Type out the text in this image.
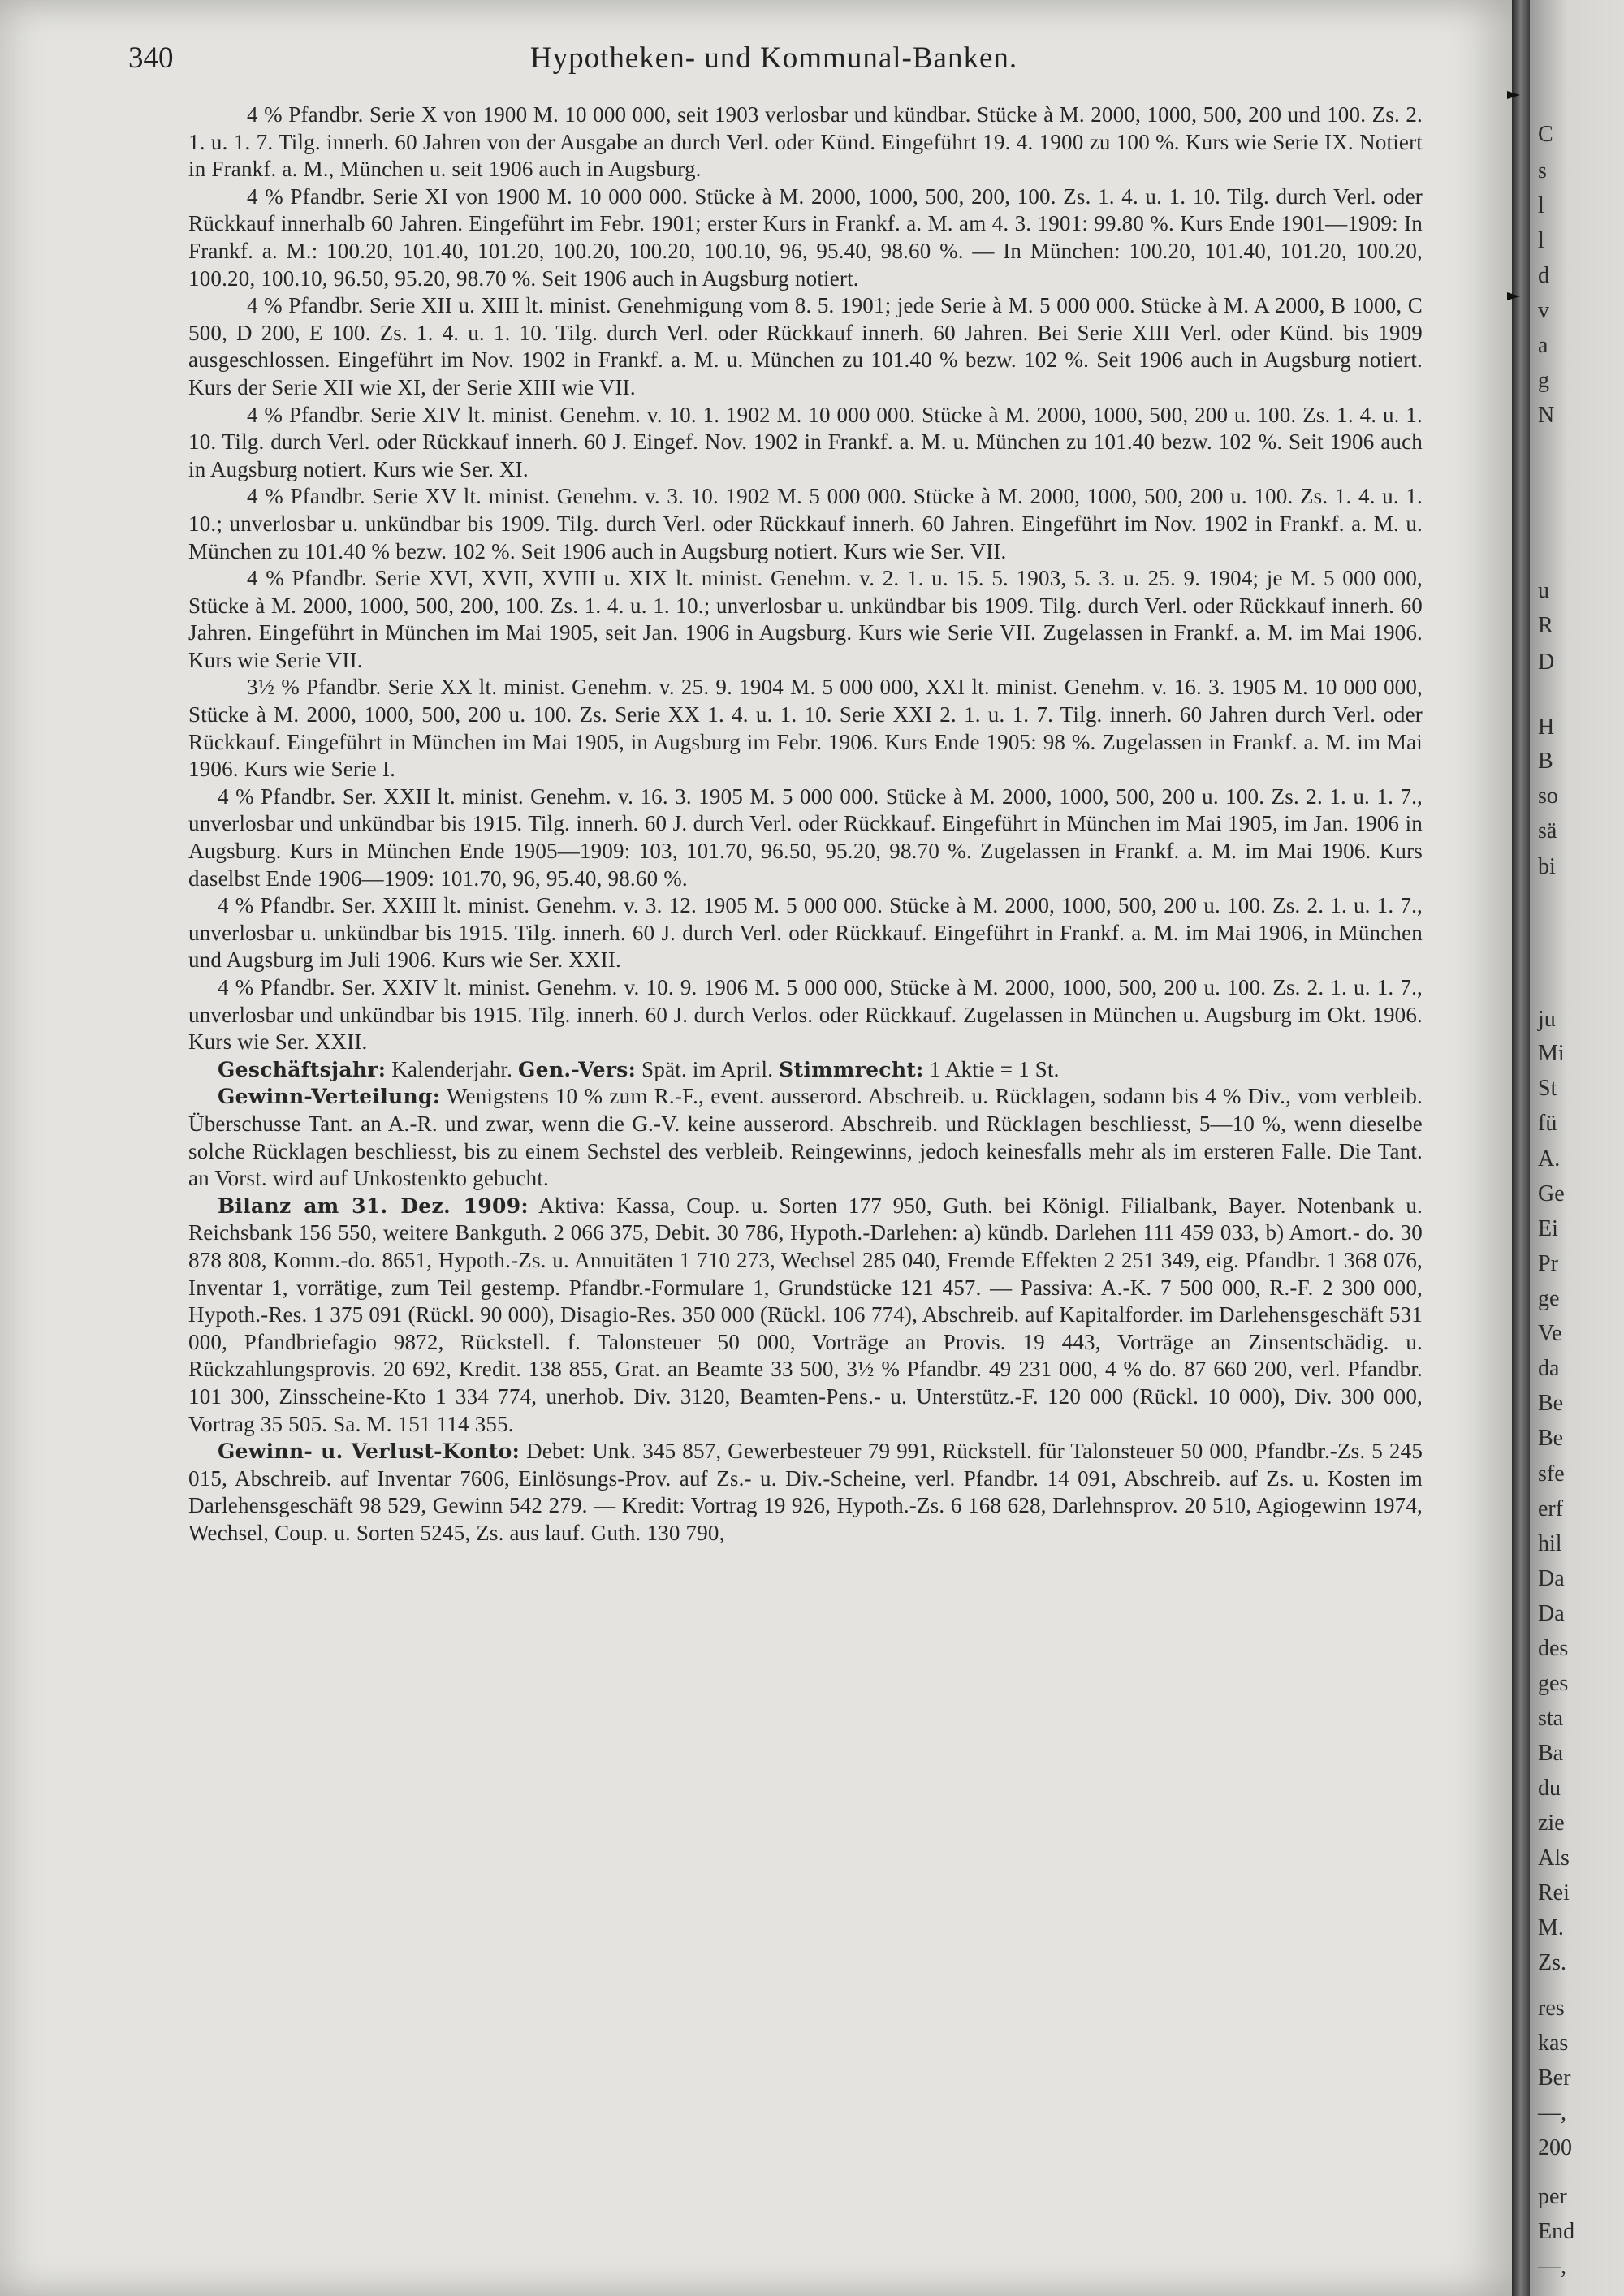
340	Hypotheken- und Kommunal-Banken.

4 % Pfandbr. Serie X von 1900 M. 10 000 000, seit 1903 verlosbar und kündbar. Stücke à M. 2000, 1000, 500, 200 und 100. Zs. 2. 1. u. 1. 7. Tilg. innerh. 60 Jahren von der Ausgabe an durch Verl. oder Künd. Eingeführt 19. 4. 1900 zu 100 %. Kurs wie Serie IX. Notiert in Frankf. a. M., München u. seit 1906 auch in Augsburg.

4 % Pfandbr. Serie XI von 1900 M. 10 000 000. Stücke à M. 2000, 1000, 500, 200, 100. Zs. 1. 4. u. 1. 10. Tilg. durch Verl. oder Rückkauf innerhalb 60 Jahren. Eingeführt im Febr. 1901; erster Kurs in Frankf. a. M. am 4. 3. 1901: 99.80 %. Kurs Ende 1901—1909: In Frankf. a. M.: 100.20, 101.40, 101.20, 100.20, 100.20, 100.10, 96, 95.40, 98.60 %. — In München: 100.20, 101.40, 101.20, 100.20, 100.20, 100.10, 96.50, 95.20, 98.70 %. Seit 1906 auch in Augsburg notiert.

4 % Pfandbr. Serie XII u. XIII lt. minist. Genehmigung vom 8. 5. 1901; jede Serie à M. 5 000 000. Stücke à M. A 2000, B 1000, C 500, D 200, E 100. Zs. 1. 4. u. 1. 10. Tilg. durch Verl. oder Rückkauf innerh. 60 Jahren. Bei Serie XIII Verl. oder Künd. bis 1909 ausgeschlossen. Eingeführt im Nov. 1902 in Frankf. a. M. u. München zu 101.40 % bezw. 102 %. Seit 1906 auch in Augsburg notiert. Kurs der Serie XII wie XI, der Serie XIII wie VII.

4 % Pfandbr. Serie XIV lt. minist. Genehm. v. 10. 1. 1902 M. 10 000 000. Stücke à M. 2000, 1000, 500, 200 u. 100. Zs. 1. 4. u. 1. 10. Tilg. durch Verl. oder Rückkauf innerh. 60 J. Eingef. Nov. 1902 in Frankf. a. M. u. München zu 101.40 bezw. 102 %. Seit 1906 auch in Augsburg notiert. Kurs wie Ser. XI.

4 % Pfandbr. Serie XV lt. minist. Genehm. v. 3. 10. 1902 M. 5 000 000. Stücke à M. 2000, 1000, 500, 200 u. 100. Zs. 1. 4. u. 1. 10.; unverlosbar u. unkündbar bis 1909. Tilg. durch Verl. oder Rückkauf innerh. 60 Jahren. Eingeführt im Nov. 1902 in Frankf. a. M. u. München zu 101.40 % bezw. 102 %. Seit 1906 auch in Augsburg notiert. Kurs wie Ser. VII.

4 % Pfandbr. Serie XVI, XVII, XVIII u. XIX lt. minist. Genehm. v. 2. 1. u. 15. 5. 1903, 5. 3. u. 25. 9. 1904; je M. 5 000 000, Stücke à M. 2000, 1000, 500, 200, 100. Zs. 1. 4. u. 1. 10.; unverlosbar u. unkündbar bis 1909. Tilg. durch Verl. oder Rückkauf innerh. 60 Jahren. Eingeführt in München im Mai 1905, seit Jan. 1906 in Augsburg. Kurs wie Serie VII. Zugelassen in Frankf. a. M. im Mai 1906. Kurs wie Serie VII.

3½ % Pfandbr. Serie XX lt. minist. Genehm. v. 25. 9. 1904 M. 5 000 000, XXI lt. minist. Genehm. v. 16. 3. 1905 M. 10 000 000, Stücke à M. 2000, 1000, 500, 200 u. 100. Zs. Serie XX 1. 4. u. 1. 10. Serie XXI 2. 1. u. 1. 7. Tilg. innerh. 60 Jahren durch Verl. oder Rückkauf. Eingeführt in München im Mai 1905, in Augsburg im Febr. 1906. Kurs Ende 1905: 98 %. Zugelassen in Frankf. a. M. im Mai 1906. Kurs wie Serie I.

4 % Pfandbr. Ser. XXII lt. minist. Genehm. v. 16. 3. 1905 M. 5 000 000. Stücke à M. 2000, 1000, 500, 200 u. 100. Zs. 2. 1. u. 1. 7., unverlosbar und unkündbar bis 1915. Tilg. innerh. 60 J. durch Verl. oder Rückkauf. Eingeführt in München im Mai 1905, im Jan. 1906 in Augsburg. Kurs in München Ende 1905—1909: 103, 101.70, 96.50, 95.20, 98.70 %. Zugelassen in Frankf. a. M. im Mai 1906. Kurs daselbst Ende 1906—1909: 101.70, 96, 95.40, 98.60 %.

4 % Pfandbr. Ser. XXIII lt. minist. Genehm. v. 3. 12. 1905 M. 5 000 000. Stücke à M. 2000, 1000, 500, 200 u. 100. Zs. 2. 1. u. 1. 7., unverlosbar u. unkündbar bis 1915. Tilg. innerh. 60 J. durch Verl. oder Rückkauf. Eingeführt in Frankf. a. M. im Mai 1906, in München und Augsburg im Juli 1906. Kurs wie Ser. XXII.

4 % Pfandbr. Ser. XXIV lt. minist. Genehm. v. 10. 9. 1906 M. 5 000 000, Stücke à M. 2000, 1000, 500, 200 u. 100. Zs. 2. 1. u. 1. 7., unverlosbar und unkündbar bis 1915. Tilg. innerh. 60 J. durch Verlos. oder Rückkauf. Zugelassen in München u. Augsburg im Okt. 1906. Kurs wie Ser. XXII.

Geschäftsjahr: Kalenderjahr. Gen.-Vers: Spät. im April. Stimmrecht: 1 Aktie = 1 St.

Gewinn-Verteilung: Wenigstens 10 % zum R.-F., event. ausserord. Abschreib. u. Rücklagen, sodann bis 4 % Div., vom verbleib. Überschusse Tant. an A.-R. und zwar, wenn die G.-V. keine ausserord. Abschreib. und Rücklagen beschliesst, 5—10 %, wenn dieselbe solche Rücklagen beschliesst, bis zu einem Sechstel des verbleib. Reingewinns, jedoch keinesfalls mehr als im ersteren Falle. Die Tant. an Vorst. wird auf Unkostenkto gebucht.

Bilanz am 31. Dez. 1909: Aktiva: Kassa, Coup. u. Sorten 177 950, Guth. bei Königl. Filialbank, Bayer. Notenbank u. Reichsbank 156 550, weitere Bankguth. 2 066 375, Debit. 30 786, Hypoth.-Darlehen: a) kündb. Darlehen 111 459 033, b) Amort.- do. 30 878 808, Komm.-do. 8651, Hypoth.-Zs. u. Annuitäten 1 710 273, Wechsel 285 040, Fremde Effekten 2 251 349, eig. Pfandbr. 1 368 076, Inventar 1, vorrätige, zum Teil gestemp. Pfandbr.-Formulare 1, Grundstücke 121 457. — Passiva: A.-K. 7 500 000, R.-F. 2 300 000, Hypoth.-Res. 1 375 091 (Rückl. 90 000), Disagio-Res. 350 000 (Rückl. 106 774), Abschreib. auf Kapitalforder. im Darlehensgeschäft 531 000, Pfandbriefagio 9872, Rückstell. f. Talonsteuer 50 000, Vorträge an Provis. 19 443, Vorträge an Zinsentschädig. u. Rückzahlungsprovis. 20 692, Kredit. 138 855, Grat. an Beamte 33 500, 3½ % Pfandbr. 49 231 000, 4 % do. 87 660 200, verl. Pfandbr. 101 300, Zinsscheine-Kto 1 334 774, unerhob. Div. 3120, Beamten-Pens.- u. Unterstütz.-F. 120 000 (Rückl. 10 000), Div. 300 000, Vortrag 35 505. Sa. M. 151 114 355.

Gewinn- u. Verlust-Konto: Debet: Unk. 345 857, Gewerbesteuer 79 991, Rückstell. für Talonsteuer 50 000, Pfandbr.-Zs. 5 245 015, Abschreib. auf Inventar 7606, Einlösungs-Prov. auf Zs.- u. Div.-Scheine, verl. Pfandbr. 14 091, Abschreib. auf Zs. u. Kosten im Darlehensgeschäft 98 529, Gewinn 542 279. — Kredit: Vortrag 19 926, Hypoth.-Zs. 6 168 628, Darlehnsprov. 20 510, Agiogewinn 1974, Wechsel, Coup. u. Sorten 5245, Zs. aus lauf. Guth. 130 790,

C
s
l
l
d
v
a
g
N
u
R
D
H
B
so
sä
bi
ju
Mi
St
fü
A.
Ge
Ei
Pr
ge
Ve
da
Be
Be
sfe
erf
hil
Da
Da
des
ges
sta
Ba
du
zie
Als
Rei
M.
Zs.
res
kas
Ber
—,
200
per
End
—,
